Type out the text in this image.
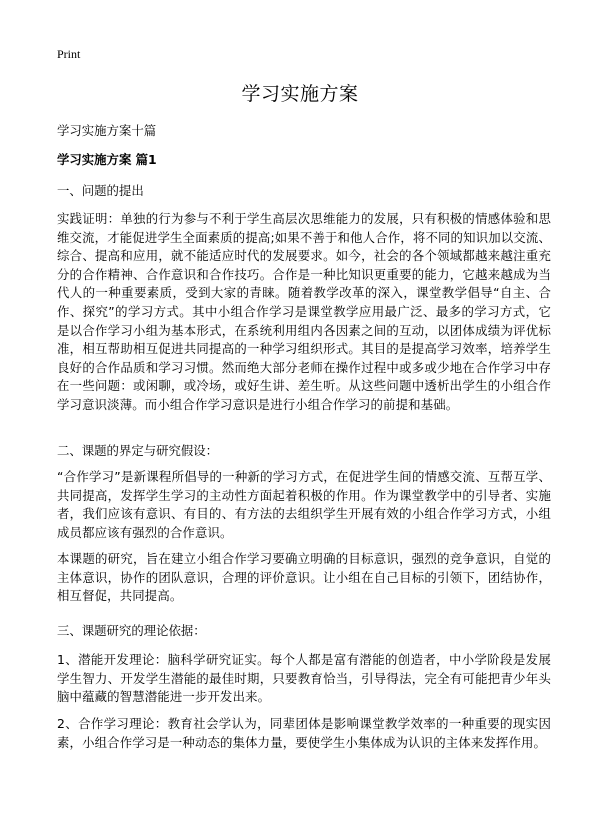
Print
学习实施方案

学习实施方案十篇

学习实施方案 篇1

一、问题的提出

实践证明：单独的行为参与不利于学生高层次思维能力的发展，只有积极的情感体验和思维交流，才能促进学生全面素质的提高;如果不善于和他人合作，将不同的知识加以交流、综合、提高和应用，就不能适应时代的发展要求。如今，社会的各个领域都越来越注重充分的合作精神、合作意识和合作技巧。合作是一种比知识更重要的能力，它越来越成为当代人的一种重要素质，受到大家的青睐。随着教学改革的深入，课堂教学倡导“自主、合作、探究”的学习方式。其中小组合作学习是课堂教学应用最广泛、最多的学习方式，它是以合作学习小组为基本形式，在系统利用组内各因素之间的互动，以团体成绩为评优标准，相互帮助相互促进共同提高的一种学习组织形式。其目的是提高学习效率，培养学生良好的合作品质和学习习惯。然而绝大部分老师在操作过程中或多或少地在合作学习中存在一些问题：或闲聊，或冷场，或好生讲、差生听。从这些问题中透析出学生的小组合作学习意识淡薄。而小组合作学习意识是进行小组合作学习的前提和基础。

二、课题的界定与研究假设：

“合作学习”是新课程所倡导的一种新的学习方式，在促进学生间的情感交流、互帮互学、共同提高，发挥学生学习的主动性方面起着积极的作用。作为课堂教学中的引导者、实施者，我们应该有意识、有目的、有方法的去组织学生开展有效的小组合作学习方式，小组成员都应该有强烈的合作意识。

本课题的研究，旨在建立小组合作学习要确立明确的目标意识，强烈的竞争意识，自觉的主体意识，协作的团队意识，合理的评价意识。让小组在自己目标的引领下，团结协作，相互督促，共同提高。

三、课题研究的理论依据：

1、潜能开发理论：脑科学研究证实。每个人都是富有潜能的创造者，中小学阶段是发展学生智力、开发学生潜能的最佳时期，只要教育恰当，引导得法，完全有可能把青少年头脑中蕴藏的智慧潜能进一步开发出来。

2、合作学习理论：教育社会学认为，同辈团体是影响课堂教学效率的一种重要的现实因素，小组合作学习是一种动态的集体力量，要使学生小集体成为认识的主体来发挥作用。
